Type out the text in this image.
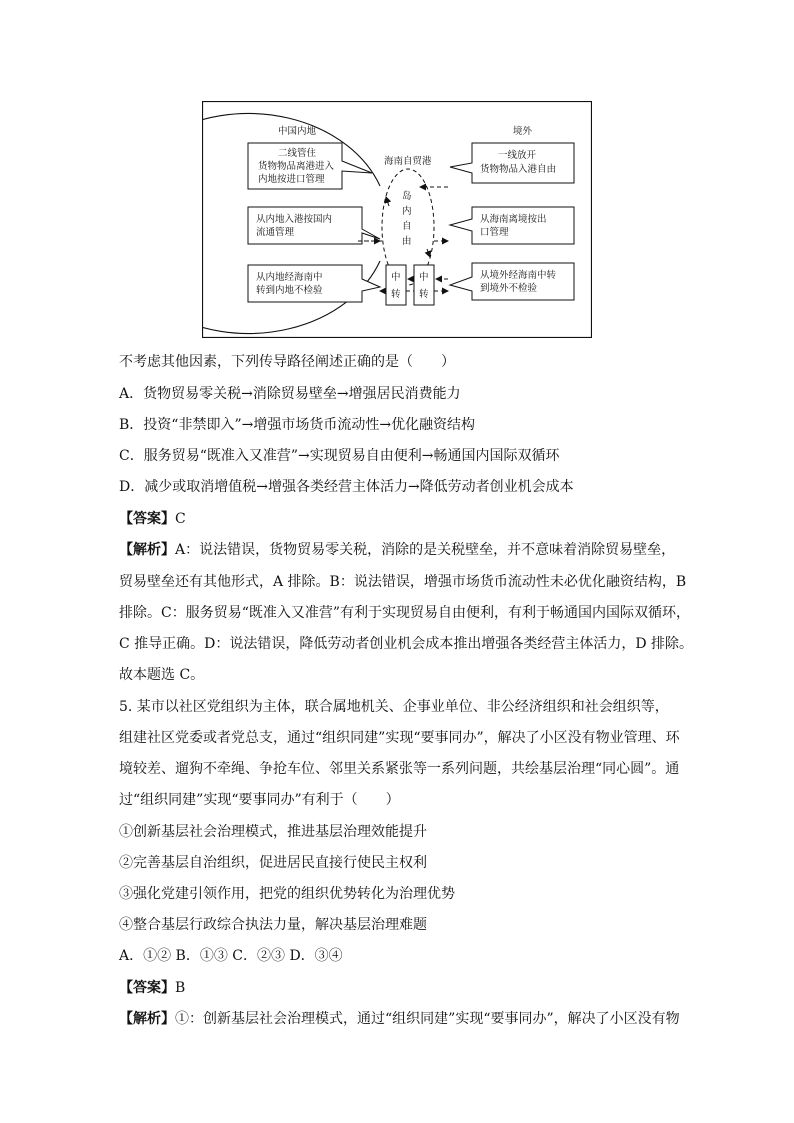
中国内地	境外
海南自贸港
岛
内
自
由
二线管住
货物物品离港进入
内地按进口管理
从内地入港按国内
流通管理
从内地经海南中
转到内地不检验
一线放开
货物物品入港自由
从海南离境按出
口管理
从境外经海南中转
到境外不检验
中
转
中
转
不考虑其他因素，下列传导路径阐述正确的是（　　）
A．货物贸易零关税→消除贸易壁垒→增强居民消费能力
B．投资“非禁即入”→增强市场货币流动性→优化融资结构
C．服务贸易“既准入又准营”→实现贸易自由便利→畅通国内国际双循环
D．减少或取消增值税→增强各类经营主体活力→降低劳动者创业机会成本
【答案】C
【解析】A：说法错误，货物贸易零关税，消除的是关税壁垒，并不意味着消除贸易壁垒，
贸易壁垒还有其他形式，A 排除。B：说法错误，增强市场货币流动性未必优化融资结构，B
排除。C：服务贸易“既准入又准营”有利于实现贸易自由便利，有利于畅通国内国际双循环，
C 推导正确。D：说法错误，降低劳动者创业机会成本推出增强各类经营主体活力，D 排除。
故本题选 C。
5. 某市以社区党组织为主体，联合属地机关、企事业单位、非公经济组织和社会组织等，
组建社区党委或者党总支，通过“组织同建”实现“要事同办”，解决了小区没有物业管理、环
境较差、遛狗不牵绳、争抢车位、邻里关系紧张等一系列问题，共绘基层治理“同心圆”。通
过“组织同建”实现“要事同办”有利于（　　）
①创新基层社会治理模式，推进基层治理效能提升
②完善基层自治组织，促进居民直接行使民主权利
③强化党建引领作用，把党的组织优势转化为治理优势
④整合基层行政综合执法力量，解决基层治理难题
A．①② B．①③ C．②③ D．③④
【答案】B
【解析】①：创新基层社会治理模式，通过“组织同建”实现“要事同办”，解决了小区没有物
